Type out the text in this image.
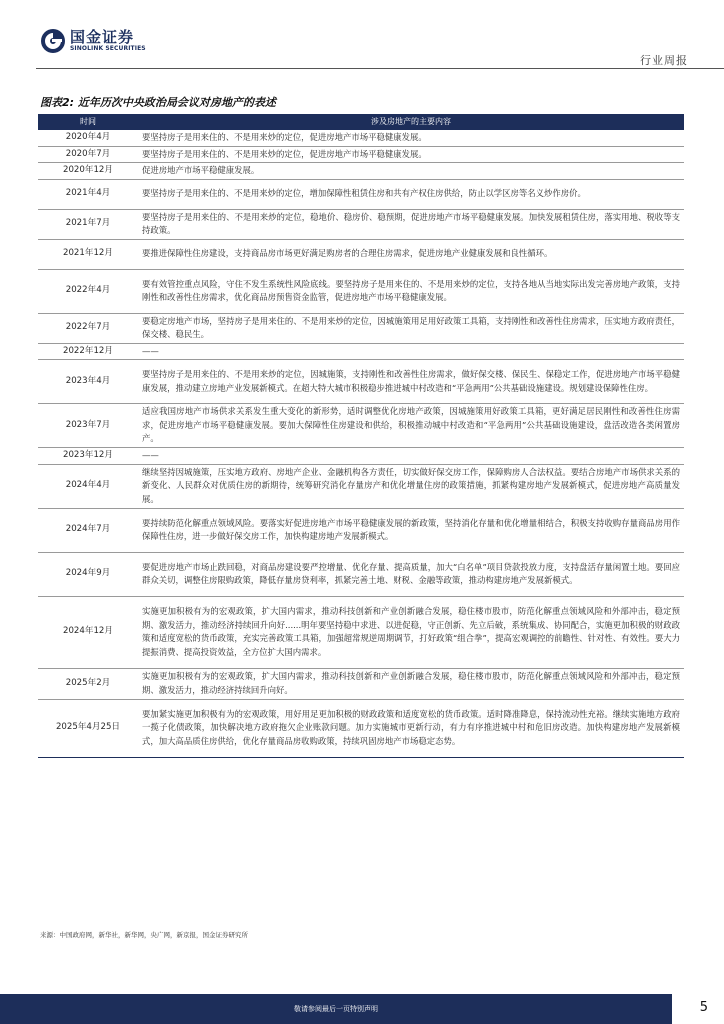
国金证券
SINOLINK SECURITIES
行业周报
图表2: 近年历次中央政治局会议对房地产的表述
时间	涉及房地产的主要内容
2020年4月	要坚持房子是用来住的、不是用来炒的定位，促进房地产市场平稳健康发展。
2020年7月	要坚持房子是用来住的、不是用来炒的定位，促进房地产市场平稳健康发展。
2020年12月	促进房地产市场平稳健康发展。
2021年4月	要坚持房子是用来住的、不是用来炒的定位，增加保障性租赁住房和共有产权住房供给，防止以学区房等名义炒作房价。
2021年7月	要坚持房子是用来住的、不是用来炒的定位，稳地价、稳房价、稳预期，促进房地产市场平稳健康发展。加快发展租赁住房，落实用地、税收等支持政策。
2021年12月	要推进保障性住房建设，支持商品房市场更好满足购房者的合理住房需求，促进房地产业健康发展和良性循环。
2022年4月	要有效管控重点风险，守住不发生系统性风险底线。要坚持房子是用来住的、不是用来炒的定位，支持各地从当地实际出发完善房地产政策，支持刚性和改善性住房需求，优化商品房预售资金监管，促进房地产市场平稳健康发展。
2022年7月	要稳定房地产市场，坚持房子是用来住的、不是用来炒的定位，因城施策用足用好政策工具箱，支持刚性和改善性住房需求，压实地方政府责任，保交楼、稳民生。
2022年12月	——
2023年4月	要坚持房子是用来住的、不是用来炒的定位，因城施策，支持刚性和改善性住房需求，做好保交楼、保民生、保稳定工作，促进房地产市场平稳健康发展，推动建立房地产业发展新模式。在超大特大城市积极稳步推进城中村改造和“平急两用”公共基础设施建设。规划建设保障性住房。
2023年7月	适应我国房地产市场供求关系发生重大变化的新形势，适时调整优化房地产政策，因城施策用好政策工具箱，更好满足居民刚性和改善性住房需求，促进房地产市场平稳健康发展。要加大保障性住房建设和供给，积极推动城中村改造和“平急两用”公共基础设施建设，盘活改造各类闲置房产。
2023年12月	——
2024年4月	继续坚持因城施策，压实地方政府、房地产企业、金融机构各方责任，切实做好保交房工作，保障购房人合法权益。要结合房地产市场供求关系的新变化、人民群众对优质住房的新期待，统筹研究消化存量房产和优化增量住房的政策措施，抓紧构建房地产发展新模式，促进房地产高质量发展。
2024年7月	要持续防范化解重点领域风险。要落实好促进房地产市场平稳健康发展的新政策，坚持消化存量和优化增量相结合，积极支持收购存量商品房用作保障性住房，进一步做好保交房工作，加快构建房地产发展新模式。
2024年9月	要促进房地产市场止跌回稳，对商品房建设要严控增量、优化存量、提高质量，加大“白名单”项目贷款投放力度，支持盘活存量闲置土地。要回应群众关切，调整住房限购政策，降低存量房贷利率，抓紧完善土地、财税、金融等政策，推动构建房地产发展新模式。
2024年12月	实施更加积极有为的宏观政策，扩大国内需求，推动科技创新和产业创新融合发展，稳住楼市股市，防范化解重点领域风险和外部冲击，稳定预期、激发活力，推动经济持续回升向好......明年要坚持稳中求进、以进促稳，守正创新、先立后破，系统集成、协同配合，实施更加积极的财政政策和适度宽松的货币政策，充实完善政策工具箱，加强超常规逆周期调节，打好政策“组合拳”，提高宏观调控的前瞻性、针对性、有效性。要大力提振消费、提高投资效益，全方位扩大国内需求。
2025年2月	实施更加积极有为的宏观政策，扩大国内需求，推动科技创新和产业创新融合发展，稳住楼市股市，防范化解重点领域风险和外部冲击，稳定预期、激发活力，推动经济持续回升向好。
2025年4月25日	要加紧实施更加积极有为的宏观政策，用好用足更加积极的财政政策和适度宽松的货币政策。适时降准降息，保持流动性充裕。继续实施地方政府一揽子化债政策，加快解决地方政府拖欠企业账款问题。加力实施城市更新行动，有力有序推进城中村和危旧房改造。加快构建房地产发展新模式，加大高品质住房供给，优化存量商品房收购政策，持续巩固房地产市场稳定态势。
来源：中国政府网，新华社，新华网，央广网，新京报，国金证券研究所
敬请参阅最后一页特别声明	5
